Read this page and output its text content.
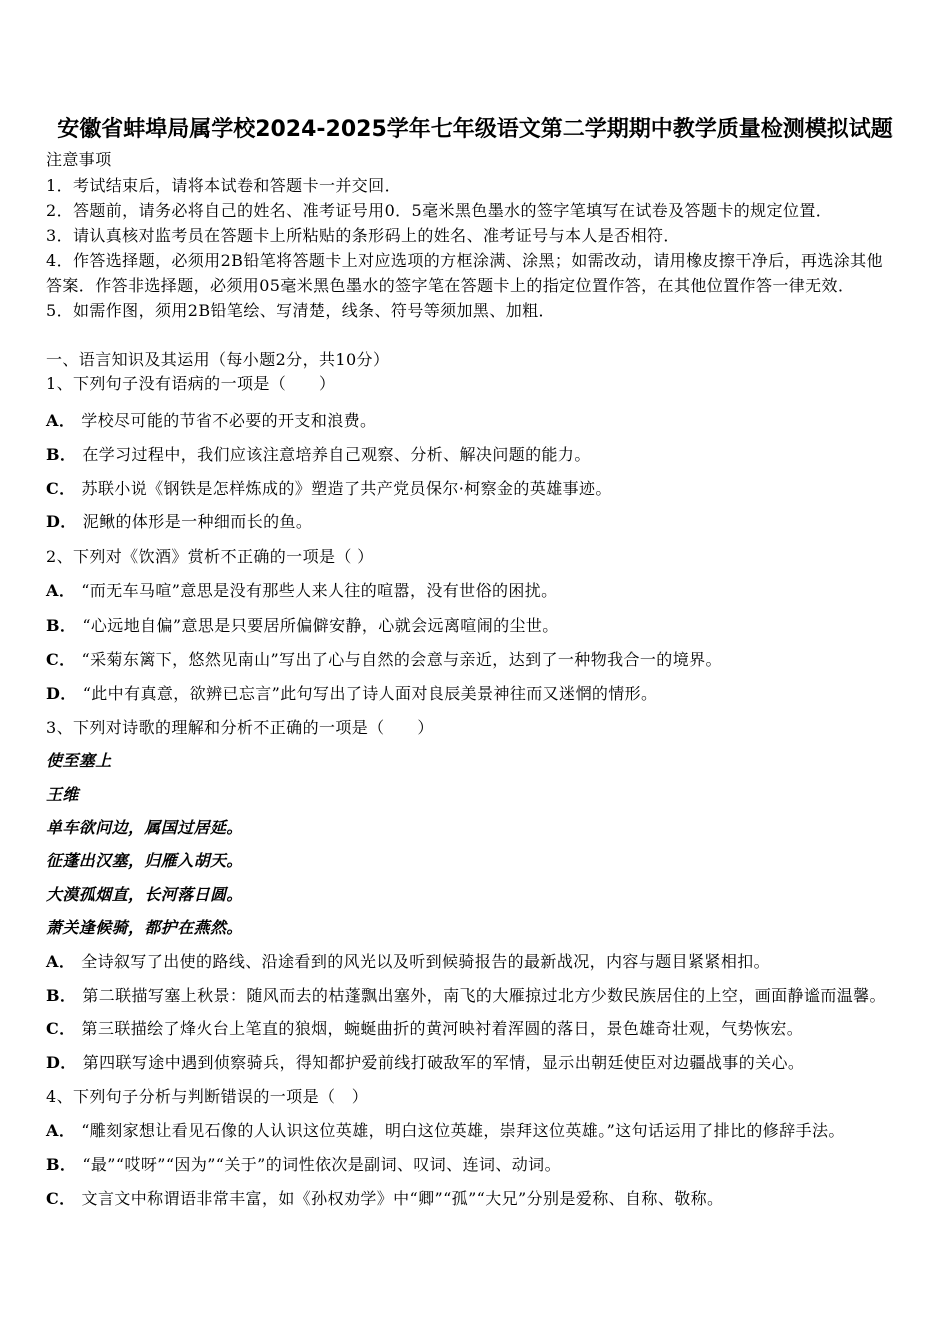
安徽省蚌埠局属学校2024-2025学年七年级语文第二学期期中教学质量检测模拟试题
注意事项
1．考试结束后，请将本试卷和答题卡一并交回．
2．答题前，请务必将自己的姓名、准考证号用0．5毫米黑色墨水的签字笔填写在试卷及答题卡的规定位置．
3．请认真核对监考员在答题卡上所粘贴的条形码上的姓名、准考证号与本人是否相符．
4．作答选择题，必须用2B铅笔将答题卡上对应选项的方框涂满、涂黑；如需改动，请用橡皮擦干净后，再选涂其他
答案．作答非选择题，必须用05毫米黑色墨水的签字笔在答题卡上的指定位置作答，在其他位置作答一律无效．
5．如需作图，须用2B铅笔绘、写清楚，线条、符号等须加黑、加粗．
一、语言知识及其运用（每小题2分，共10分）
1、下列句子没有语病的一项是（　　）
A． 学校尽可能的节省不必要的开支和浪费。
B． 在学习过程中，我们应该注意培养自己观察、分析、解决问题的能力。
C． 苏联小说《钢铁是怎样炼成的》塑造了共产党员保尔·柯察金的英雄事迹。
D． 泥鳅的体形是一种细而长的鱼。
2、下列对《饮酒》赏析不正确的一项是（ ）
A． “而无车马喧”意思是没有那些人来人往的喧嚣，没有世俗的困扰。
B． “心远地自偏”意思是只要居所偏僻安静，心就会远离喧闹的尘世。
C． “采菊东篱下，悠然见南山”写出了心与自然的会意与亲近，达到了一种物我合一的境界。
D． “此中有真意，欲辨已忘言”此句写出了诗人面对良辰美景神往而又迷惘的情形。
3、下列对诗歌的理解和分析不正确的一项是（　　）
使至塞上
王维
单车欲问边，属国过居延。
征蓬出汉塞，归雁入胡天。
大漠孤烟直，长河落日圆。
萧关逢候骑，都护在燕然。
A． 全诗叙写了出使的路线、沿途看到的风光以及听到候骑报告的最新战况，内容与题目紧紧相扣。
B． 第二联描写塞上秋景：随风而去的枯蓬飘出塞外，南飞的大雁掠过北方少数民族居住的上空，画面静谧而温馨。
C． 第三联描绘了烽火台上笔直的狼烟，蜿蜒曲折的黄河映衬着浑圆的落日，景色雄奇壮观，气势恢宏。
D． 第四联写途中遇到侦察骑兵，得知都护爱前线打破敌军的军情，显示出朝廷使臣对边疆战事的关心。
4、下列句子分析与判断错误的一项是（　）
A． “雕刻家想让看见石像的人认识这位英雄，明白这位英雄，崇拜这位英雄。”这句话运用了排比的修辞手法。
B． “最”“哎呀”“因为”“关于”的词性依次是副词、叹词、连词、动词。
C． 文言文中称谓语非常丰富，如《孙权劝学》中“卿”“孤”“大兄”分别是爱称、自称、敬称。
